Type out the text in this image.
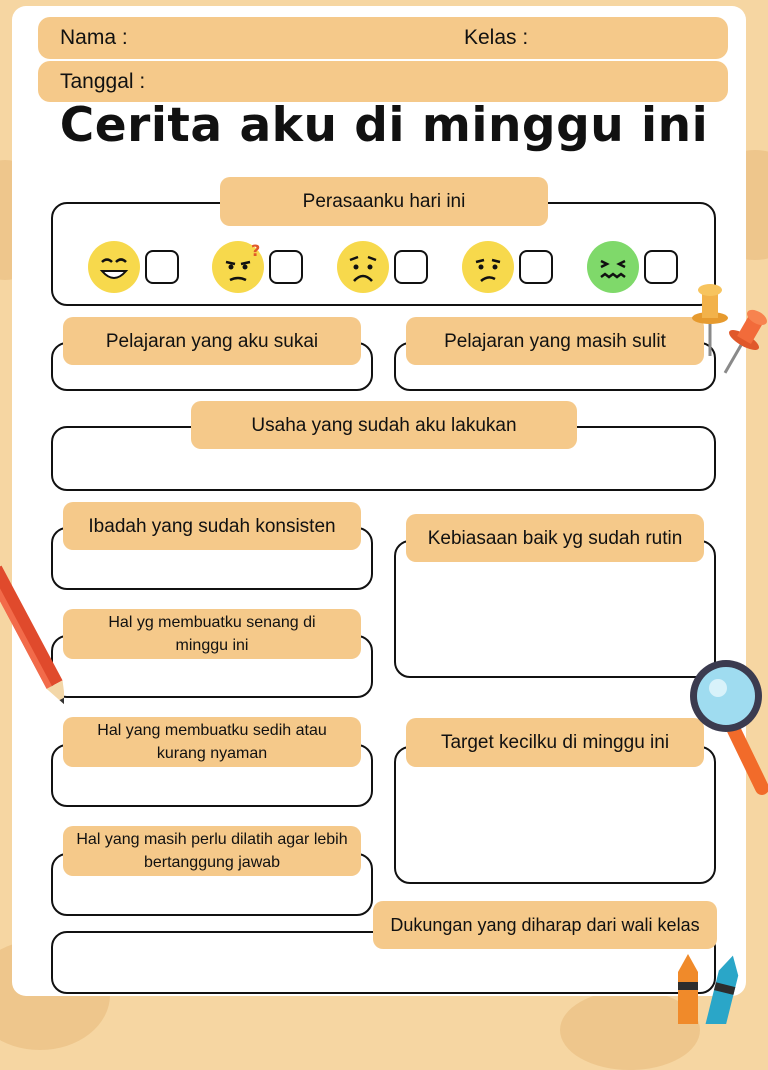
Nama :	Kelas :
Tanggal :
Cerita aku di minggu ini
Perasaanku hari ini
?
Pelajaran yang aku sukai	Pelajaran yang masih sulit
Usaha yang sudah aku lakukan
Ibadah yang sudah konsisten
Kebiasaan baik yg sudah rutin
Hal yg membuatku senang di minggu ini
Hal yang membuatku sedih atau kurang nyaman
Target kecilku di minggu ini
Hal yang masih perlu dilatih agar lebih bertanggung jawab
Dukungan yang diharap dari wali kelas
